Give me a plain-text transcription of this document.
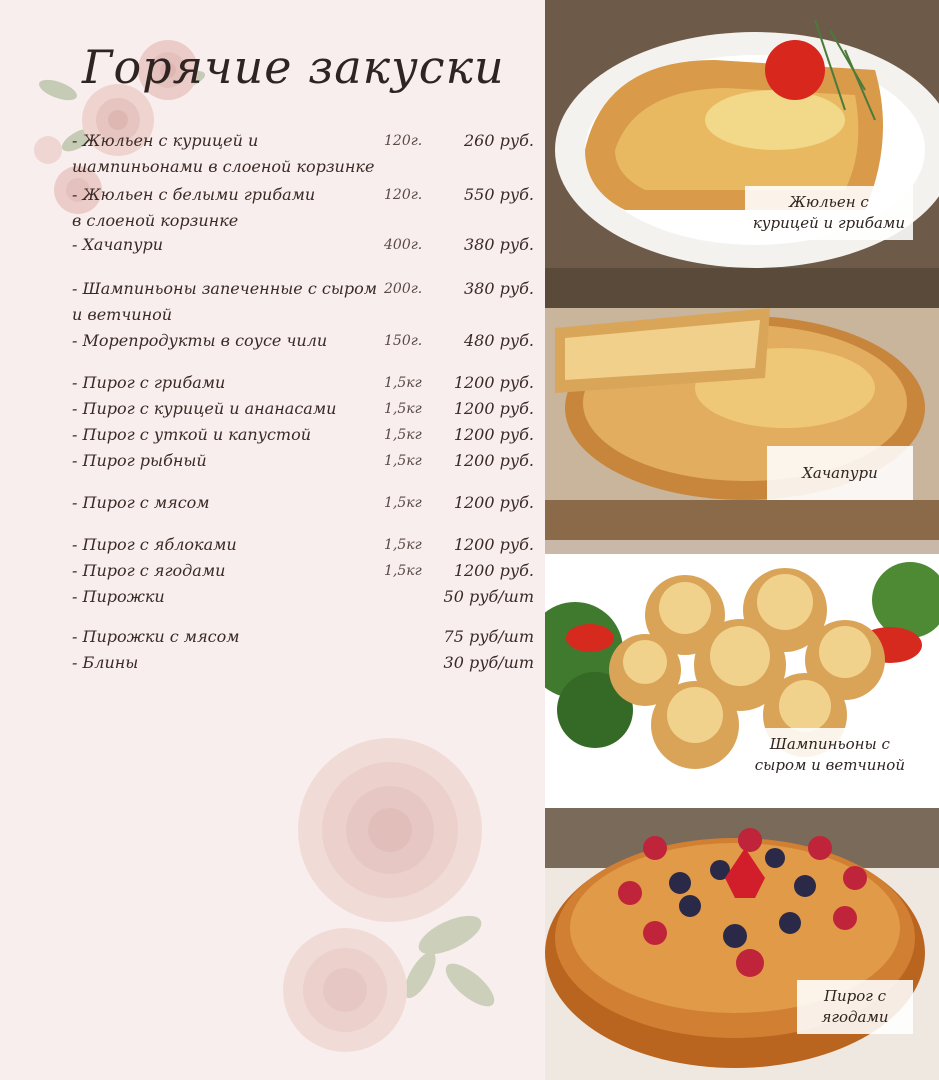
Горячие закуски
- Жюльен с курицей и
шампиньонами в слоеной корзинке
120г.	260 руб.
- Жюльен с белыми грибами
в слоеной корзинке
120г.	550 руб.
- Хачапури	400г.	380 руб.
- Шампиньоны запеченные с сыром
и ветчиной
200г.	380 руб.
- Морепродукты в соусе чили	150г.	480 руб.
- Пирог с грибами	1,5кг 1200 руб.
- Пирог с курицей и ананасами	1,5кг 1200 руб.
- Пирог с уткой и капустой	1,5кг 1200 руб.
- Пирог рыбный	1,5кг 1200 руб.
- Пирог с мясом	1,5кг 1200 руб.
- Пирог с яблоками	1,5кг 1200 руб.
- Пирог с ягодами	1,5кг 1200 руб.
- Пирожки	50 руб/шт
- Пирожки с мясом	75 руб/шт
- Блины	30 руб/шт
Жюльен с
курицей и грибами
Хачапури
Шампиньоны с
сыром и ветчиной
Пирог с
ягодами
